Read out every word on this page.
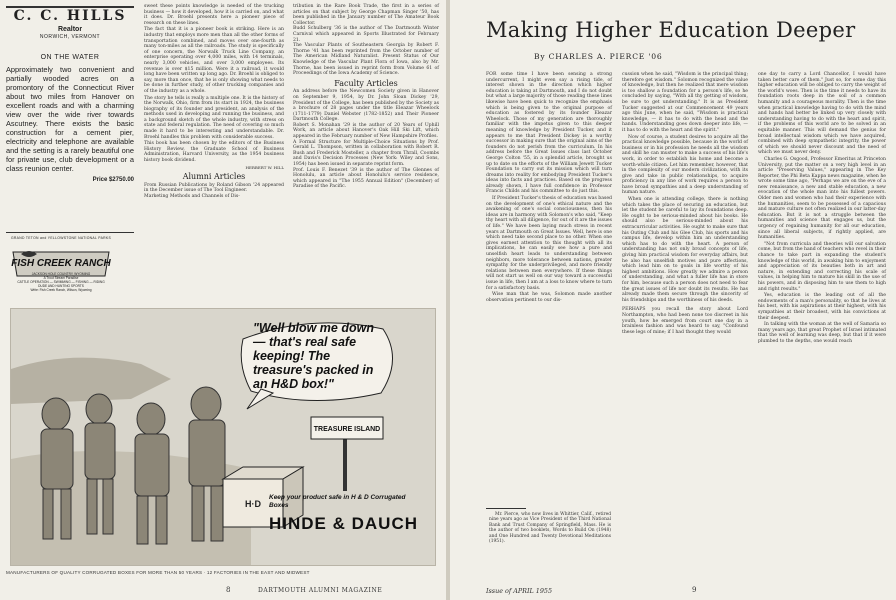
C. C. HILLS
Realtor
NORWICH, VERMONT
ON THE WATER
Approximately two convenient and partially wooded acres on a promontory of the Connecticut River about two miles from Hanover on excellent roads and with a charming view over the wide river towards Ascutney. There exists the basic construction for a cement pier, electricity and telephone are available and the setting is a rarely beautiful one for private use, club development or a class reunion center.
Price $2750.00
GRAND TETON and YELLOWSTONE NATIONAL PARKS
FISH CREEK RANCH
JACKSON HOLE COUNTRY, WYOMING
A Trout Stream Paradise
CATTLE OPERATION — SWIMMING — FISHING — RIDING
DUDE AND HUNTING SPORTS
Write: Fish Creek Ranch, Wilson, Wyoming

sweet these points knowledge is needed of the trucking business — how it developed, how it is carried on, and what it does. Dr. Broehl presents here a pioneer piece of research on these lines.

The fact that it is a pioneer book is striking. Here is an industry that employs more men than all the other forms of transportation combined, and moves over one-fourth as many ton-miles as all the railroads. The study is specifically of one concern, the Norwalk Truck Line Company, an enterprise operating over 4,000 miles, with 14 terminals, nearly 3,000 vehicles, and over 3,000 employees. Its revenue is over $15 million. Were it a railroad, it would long have been written up long ago. Dr. Broehl is obliged to say, more than once, that he is only showing what needs to be done in further study, of other trucking companies and of the industry as a whole.

The story he tells is really a multiple one. It is the history of the Norwalk, Ohio, firm from its start in 1924, the business biography of its founder and president, an analysis of the methods used in developing and running the business, and a background sketch of the whole industry, with stress on state and federal regulation. The need of covering so much made it hard to be interesting and understandable. Dr. Broehl handles this problem with considerable success.

This book has been chosen by the editors of the Business History Review, the Graduate School of Business Administration, Harvard University, as the 1954 business history book dividend.

HERBERT W. HILL

Alumni Articles

From Russian Publications by Roland Gibson '24 appeared in the December issue of The Tool Engineer.
Marketing Methods and Channels of Dis-

tribution in the Rare Book Trade, the first in a series of articles on that subject by George Chapman Singer '50, has been published in the January number of The Amateur Book Collector.
Budd Schulberg '36 is the author of The Dartmouth Winter Carnival which appeared in Sports Illustrated for February 21.
The Vascular Plants of Southeastern Georgia by Robert F. Thorne '41 has been reprinted from the October number of The American Midland Naturalist. Present Status of Our Knowledge of the Vascular Plant Flora of Iowa, also by Mr. Thorne, has been issued in reprint form from Volume 61 of Proceedings of the Iowa Academy of Science.

Faculty Articles

An address before the Newcomen Society given in Hanover on September 9, 1954, by Dr. John Sloan Dickey '29, President of the College, has been published by the Society as a brochure of 28 pages under the title Eleazar Wheelock (1711-1779) Daniel Webster (1782-1852) and Their Pioneer Dartmouth College.
Robert S. Monahan '29 is the author of 20 Years of Uphill Work, an article about Hanover's Oak Hill Ski Lift, which appeared in the February number of New Hampshire Profiles.
A Formal Structure for Multiple-Choice Situations by Prof. Gerald L. Thompson, written in collaboration with Robert R. Bush and Frederick Mosteller, a chapter from Thrall, Coombs and Davis's Decision Processes (New York: Wiley and Sons, 1954) has been issued in separate reprint form.
Prof. Louis F. Benezet '39 is the author of The Glennes of Honolulu, an article about Honolulu's service residence, which appeared in "The 1955 Annual Edition" (December) of Paradise of the Pacific.

H·D
TREASURE ISLAND
"Well blow me down— that's real safe keeping! The treasure's packed in an H&D box!"
Keep your product safe in H & D Corrugated Boxes
HINDE & DAUCH
MANUFACTURERS OF QUALITY CORRUGATED BOXES FOR MORE THAN 50 YEARS · 12 FACTORIES IN THE EAST AND MIDWEST
8	DARTMOUTH ALUMNI MAGAZINE
Making Higher Education Deeper
By CHARLES A. PIERCE '06

FOR some time I have been sensing a strong undercurrent, I might even say a rising tide, of interest shown in the direction which higher education is taking at Dartmouth, and I do not doubt but what a large majority of those reading these lines likewise have been quick to recognize the emphasis which is being given to the original purpose of education as fostered by its founder Eleazar Wheelock. Those of my generation are thoroughly familiar with the impetus given to this deeper meaning of knowledge by President Tucker, and it appears to me that President Dickey is a worthy successor in making sure that the original aims of the founders do not perish from the curriculum. In his address before the Great Issues class last October George Colton '55, in a splendid article, brought us up to date on the efforts of the William Jewett Tucker Foundation to carry out its mission which will turn dreams into reality for embodying President Tucker's ideas into facts and practices. Based on the progress already shown, I have full confidence in Professor Francis Childs and his committee to do just this.

If President Tucker's thesis of education was based on the development of one's ethical nature and the awakening of one's social consciousness, then his ideas are in harmony with Solomon's who said, "Keep thy heart with all diligence, for out of it are the issues of life." We have been laying much stress in recent years at Dartmouth on Great Issues. Well, here is one which need take second place to no other. When one gives earnest attention to this thought with all its implications, he can easily see how a pure and unselfish heart leads to understanding between neighbors, more tolerance between nations, greater sympathy for the underprivileged, and more friendly relations between men everywhere. If these things will not start us well on our way toward a successful issue in life, then I am at a loss to know where to turn for a satisfactory basis.

Wise man that he was, Solomon made another observation pertinent to our dis-

Mr. Pierce, who now lives in Whittier, Calif., retired nine years ago as Vice President of the Third National Bank and Trust Company of Springfield, Mass. He is the author of two booklets, Words to Build On (1948) and One Hundred and Twenty Devotional Meditations (1951).

cussion when he said, "Wisdom is the principal thing; therefore get wisdom." Solomon recognized the value of knowledge, but then he realized that mere wisdom is too shallow a foundation for a person's life, so he concluded by saying, "With all thy getting of wisdom, be sure to get understanding." It is as President Tucker suggested at our Commencement 49 years ago this June, when he said, "Wisdom is practical knowledge, — it has to do with the head and the hands. Understanding goes down deeper into life, — it has to do with the heart and the spirit."

Now of course, a student desires to acquire all the practical knowledge possible, because in the world of business or in his profession he needs all the wisdom and skill he can muster to make a success of his life's work, in order to establish his home and become a worth-while citizen. Let him remember, however, that in the complexity of our modern civilization, with its give and take in public relationships, to acquire proficiency in any line of work requires a person to have broad sympathies and a deep understanding of human nature.

When one is attending college, there is nothing which takes the place of securing an education, but let the student be careful to lay its foundations deep. He ought to be serious-minded about his books. He should also be serious-minded about his extracurricular activities. He ought to make sure that his Outing Club and his Glee Club, his sports and his campus life, develop within him an understanding which has to do with the heart. A person of understanding has not only broad concepts of life, giving him practical wisdom for everyday affairs, but he also has unselfish motives and pure affections, which lead him on to goals in life worthy of his highest ambitions. How greatly we admire a person of understanding, and what a fuller life has in store for him, because such a person does not need to fear the great issues of life nor doubt its results. He has already made them secure through the sincerity of his friendships and the worthiness of his deeds.

PERHAPS you recall the story about Lord Northampton, who had been none too discreet in his youth, how he emerged from court one day in a brainless fashion and was heard to say, "Confound these legs of mine; if I had thought they would

one day to carry a Lord Chancellor, I would have taken better care of them." Just so, for some day this higher education will be obliged to carry the weight of the world's woes. Then is the time it needs to have its foundation roots deep in the soil of a common humanity and a courageous morality. Then is the time when practical knowledge having to do with the mind and hands had better be linked up very closely with understanding having to do with the heart and spirit, if the problems of this world are to be solved in an equitable manner. This will demand the genius for broad intellectual wisdom which we have acquired, combined with deep sympathetic integrity, the power of which we should never discount and the need of which we must never deny.

Charles G. Osgood, Professor Emeritus at Princeton University, put the matter on a very high level in an article "Preserving Values," appearing in The Key Reporter, the Phi Beta Kappa news magazine, when he wrote some time ago, "Perhaps we are on the eve of a new renaissance, a new and stable education, a new evocation of the whole man into his fullest powers. Older men and women who had their experience with the humanities, seem to be possessed of a capacious and mature culture not often realized in our latter-day education. But it is not a struggle between the humanities and science that engages us, but the urgency of regaining humanity for all our education, since all liberal subjects, if rightly applied, are humanities.

"Not from curricula and theories will our salvation come, but from the hand of teachers who revel in their chance to take part in expanding the student's knowledge of this world, in awaking him to enjoyment and appreciation of its beauties both in art and nature, in extending and correcting his scale of values, in helping him to mature his skill in the use of his powers, and in disposing him to use them to high and right results."

Yes, education is the leading out of all the endowments of a man's personality, so that he lives at his best, with his aspirations at their highest, with his sympathies at their broadest, with his convictions at their deepest.

In talking with the woman at the well of Samaria so many years ago, that great Prophet of Israel intimated that the well of learning was deep, but that if it were plumbed to the depths, one would reach

Issue of APRIL 1955	9
